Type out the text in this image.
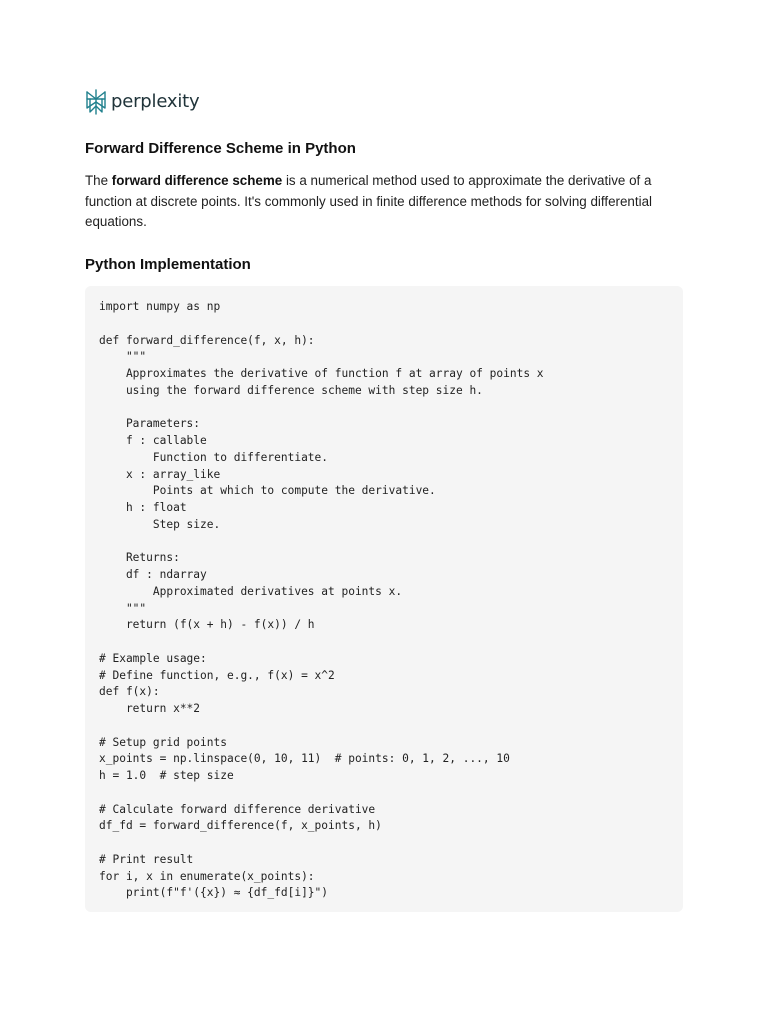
perplexity
Forward Difference Scheme in Python

The forward difference scheme is a numerical method used to approximate the derivative of a function at discrete points. It's commonly used in finite difference methods for solving differential equations.

Python Implementation
import numpy as np

def forward_difference(f, x, h):
"""
Approximates the derivative of function f at array of points x
using the forward difference scheme with step size h.

Parameters:
f : callable
Function to differentiate.
x : array_like
Points at which to compute the derivative.
h : float
Step size.

Returns:
df : ndarray
Approximated derivatives at points x.
"""
return (f(x + h) - f(x)) / h

# Example usage:
# Define function, e.g., f(x) = x^2
def f(x):
return x**2

# Setup grid points
x_points = np.linspace(0, 10, 11)  # points: 0, 1, 2, ..., 10
h = 1.0  # step size

# Calculate forward difference derivative
df_fd = forward_difference(f, x_points, h)

# Print result
for i, x in enumerate(x_points):
print(f"f'({x}) ≈ {df_fd[i]}")
